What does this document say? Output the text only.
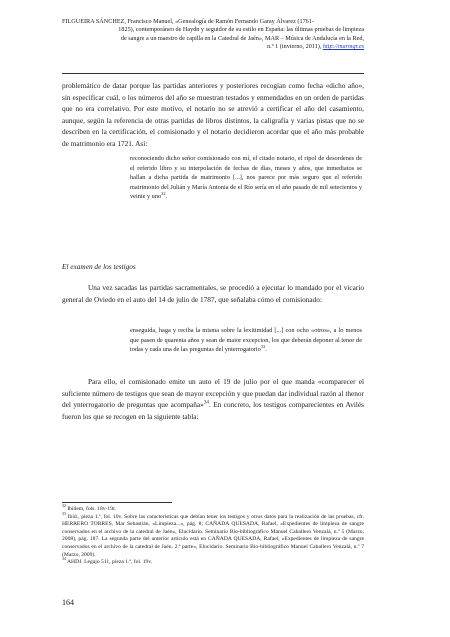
FILGUEIRA SÁNCHEZ, Francisco Manuel, «Genealogía de Ramón Fernando Garay Álvarez (1761-
1825), contemporáneo de Haydn y seguidor de su estilo en España: las últimas pruebas de limpieza
de sangre a un maestro de capilla en la Catedral de Jaén», MAR – Música de Andalucía en la Red,
n.º 1 (invierno, 2011), http://marmgr.es
problemático de datar porque las partidas anteriores y posteriores recogían como fecha «dicho año», sin especificar cuál, o los números del año se muestran testados y enmendados en un orden de partidas que no era correlativo. Por este motivo, el notario no se atrevió a certificar el año del casamiento, aunque, según la referencia de otras partidas de libros distintos, la caligrafía y varias pistas que no se describen en la certificación, el comisionado y el notario decidieron acordar que el año más probable de matrimonio era 1721. Así:
reconociendo dicho señor comisionado con mí, el citado notario, el ripol de desordenes de el referido libro y su interpolación de fechas de días, meses y años, que inmediatos se hallan a dicha partida de matrimonio [...], nos parece por más seguro que el referido matrimonio del Julián y María Antonia de el Río sería en el año pasado de mil setecientos y veinte y uno$^{32}$.
El examen de los testigos
Una vez sacadas las partidas sacramentales, se procedió a ejecutar lo mandado por el vicario general de Oviedo en el auto del 14 de julio de 1787, que señalaba cómo el comisionado:
enseguida, haga y reciba la misma sobre la lexitimidad [...] con ocho «otros», a lo menos que pasen de quarenta años y sean de maior excepcion, los que deberán deponer al tenor de todas y cada una de las preguntas del ynterrogatorio$^{33}$.
Para ello, el comisionado emite un auto el 19 de julio por el que manda «comparecer el suficiente número de testigos que sean de mayor excepción y que puedan dar individual razón al thenor del ynterrogatorio de preguntas que acompaña»$^{34}$. En concreto, los testigos comparecientes en Avilés fueron los que se recogen en la siguiente tabla:
$^{32}$ Ibídem, fols. 18v-19r.
$^{33}$ Ibíd., pieza 1.ª, fol. 10v. Sobre las características que debían tener los testigos y otros datos para la realización de las pruebas, cfr. HERRERO TORRES, Mar Sebastián, «Limpieza...», pág. 8; CAÑADA QUESADA, Rafael, «Expedientes de limpieza de sangre conservados en el archivo de la catedral de Jaén», Elucidario. Seminario Bio-bibliográfico Manuel Caballero Venzalá, n.º 5 (Marzo, 2008), pág. 187. La segunda parte del anterior artículo está en CAÑADA QUESADA, Rafael, «Expedientes de limpieza de sangre conservados en el archivo de la catedral de Jaén. 2.ª parte», Elucidario. Seminario Bio-bibliográfico Manuel Caballero Venzalá, n.º 7 (Marzo, 2009).
$^{34}$ AHDJ. Legajo 511, pieza 1.ª, fol. 19v.
164
